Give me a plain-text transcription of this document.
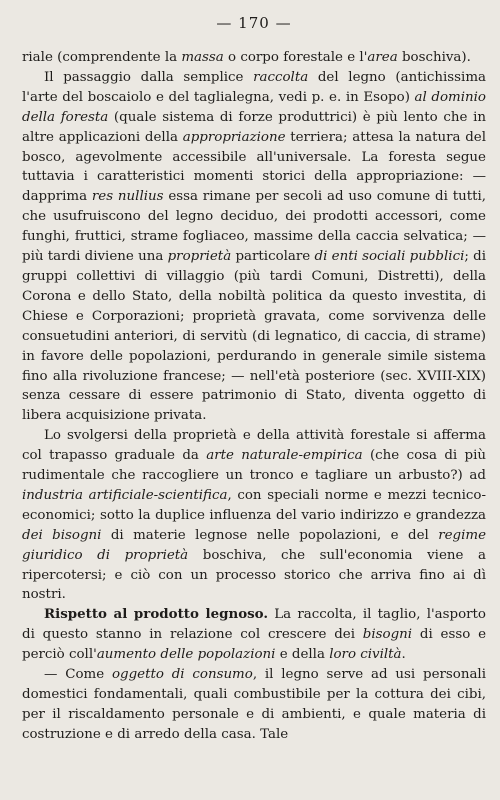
— 170 —

riale (comprendente la massa o corpo forestale e l'area boschiva).

Il passaggio dalla semplice raccolta del legno (antichissima l'arte del boscaiolo e del taglialegna, vedi p. e. in Esopo) al dominio della foresta (quale sistema di forze produttrici) è più lento che in altre applicazioni della appropriazione terriera; attesa la natura del bosco, agevolmente accessibile all'universale. La foresta segue tuttavia i caratteristici momenti storici della appropriazione: — dapprima res nullius essa rimane per secoli ad uso comune di tutti, che usufruiscono del legno deciduo, dei prodotti accessori, come funghi, fruttici, strame fogliaceo, massime della caccia selvatica; — più tardi diviene una proprietà particolare di enti sociali pubblici; di gruppi collettivi di villaggio (più tardi Comuni, Distretti), della Corona e dello Stato, della nobiltà politica da questo investita, di Chiese e Corporazioni; proprietà gravata, come sorvivenza delle consuetudini anteriori, di servitù (di legnatico, di caccia, di strame) in favore delle popolazioni, perdurando in generale simile sistema fino alla rivoluzione francese; — nell'età posteriore (sec. XVIII-XIX) senza cessare di essere patrimonio di Stato, diventa oggetto di libera acquisizione privata.

Lo svolgersi della proprietà e della attività forestale si afferma col trapasso graduale da arte naturale-empirica (che cosa di più rudimentale che raccogliere un tronco e tagliare un arbusto?) ad industria artificiale-scientifica, con speciali norme e mezzi tecnico-economici; sotto la duplice influenza del vario indirizzo e grandezza dei bisogni di materie legnose nelle popolazioni, e del regime giuridico di proprietà boschiva, che sull'economia viene a ripercotersi; e ciò con un processo storico che arriva fino ai dì nostri.

Rispetto al prodotto legnoso. La raccolta, il taglio, l'asporto di questo stanno in relazione col crescere dei bisogni di esso e perciò coll'aumento delle popolazioni e della loro civiltà.

— Come oggetto di consumo, il legno serve ad usi personali domestici fondamentali, quali combustibile per la cottura dei cibi, per il riscaldamento personale e di ambienti, e quale materia di costruzione e di arredo della casa. Tale
